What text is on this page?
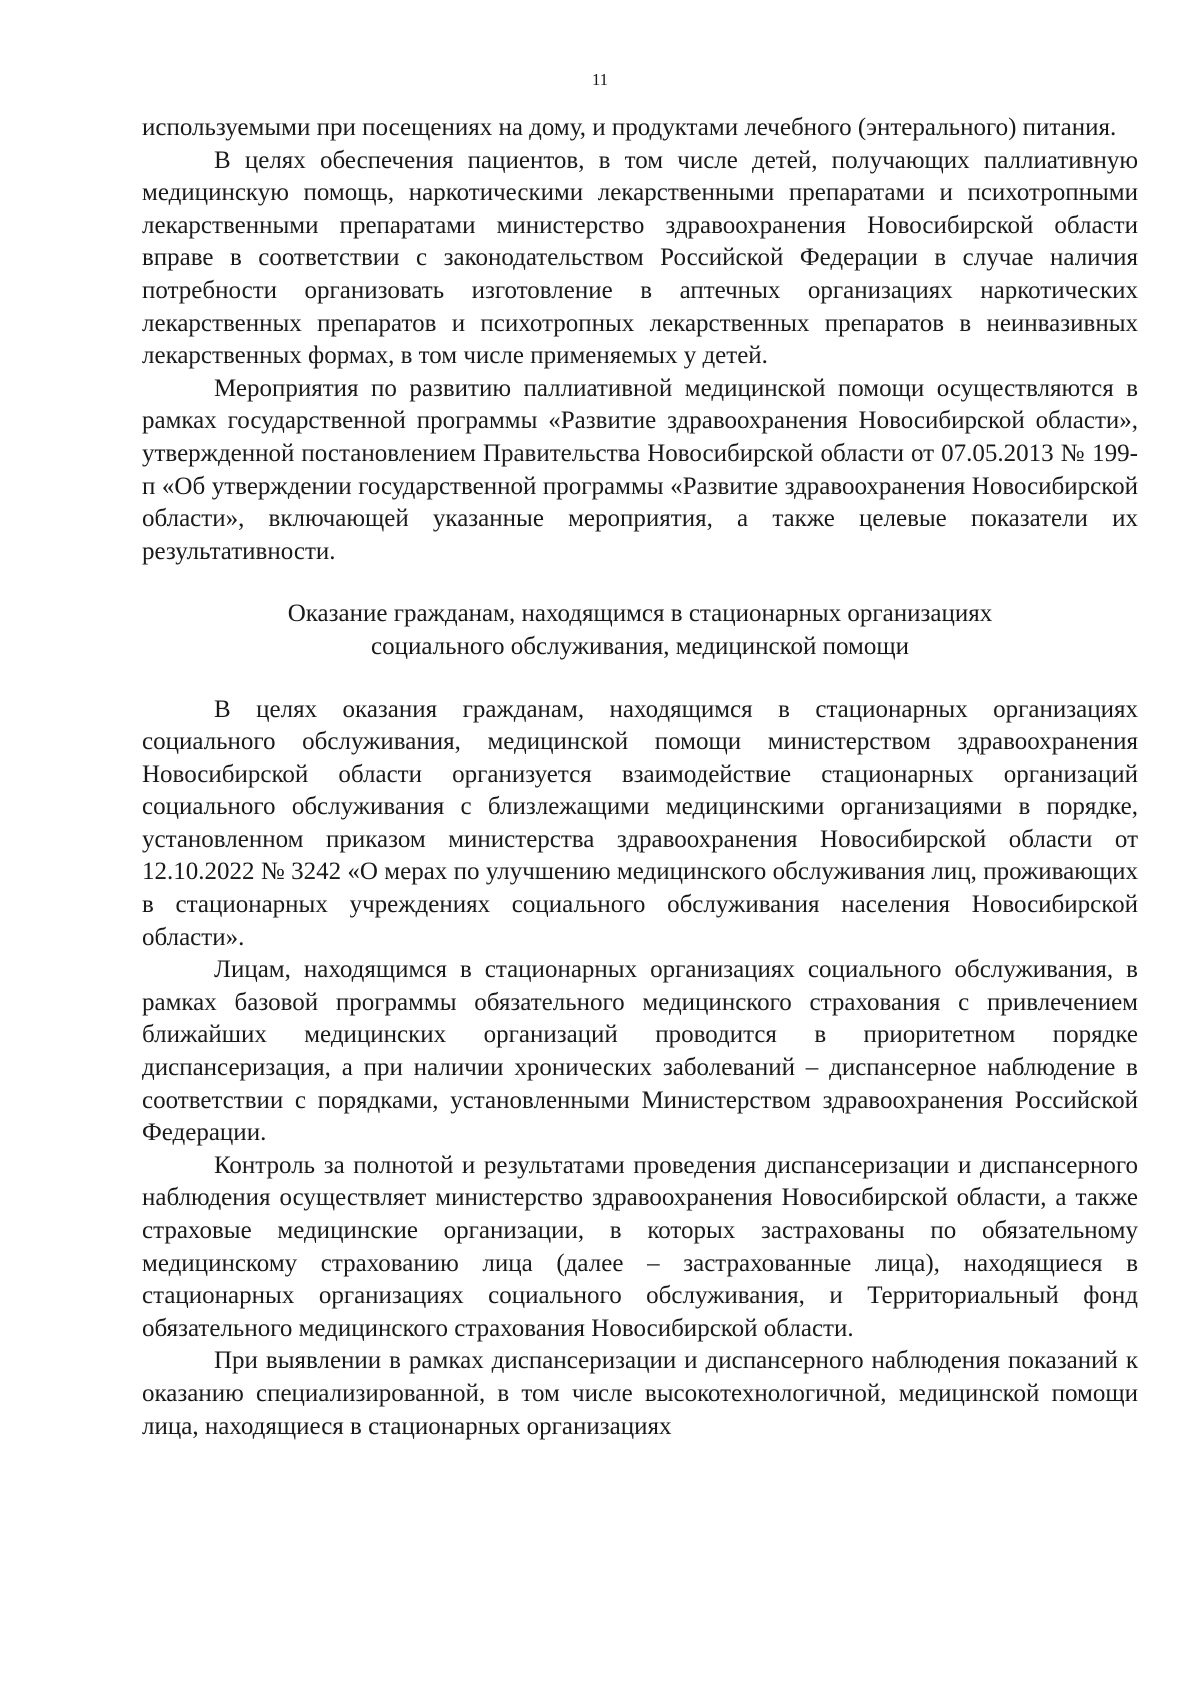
11

используемыми при посещениях на дому, и продуктами лечебного (энтерального) питания.

В целях обеспечения пациентов, в том числе детей, получающих паллиативную медицинскую помощь, наркотическими лекарственными препаратами и психотропными лекарственными препаратами министерство здравоохранения Новосибирской области вправе в соответствии с законодательством Российской Федерации в случае наличия потребности организовать изготовление в аптечных организациях наркотических лекарственных препаратов и психотропных лекарственных препаратов в неинвазивных лекарственных формах, в том числе применяемых у детей.

Мероприятия по развитию паллиативной медицинской помощи осуществляются в рамках государственной программы «Развитие здравоохранения Новосибирской области», утвержденной постановлением Правительства Новосибирской области от 07.05.2013 № 199-п «Об утверждении государственной программы «Развитие здравоохранения Новосибирской области», включающей указанные мероприятия, а также целевые показатели их результативности.

Оказание гражданам, находящимся в стационарных организациях
социального обслуживания, медицинской помощи

В целях оказания гражданам, находящимся в стационарных организациях социального обслуживания, медицинской помощи министерством здравоохранения Новосибирской области организуется взаимодействие стационарных организаций социального обслуживания с близлежащими медицинскими организациями в порядке, установленном приказом министерства здравоохранения Новосибирской области от 12.10.2022 № 3242 «О мерах по улучшению медицинского обслуживания лиц, проживающих в стационарных учреждениях социального обслуживания населения Новосибирской области».

Лицам, находящимся в стационарных организациях социального обслуживания, в рамках базовой программы обязательного медицинского страхования с привлечением ближайших медицинских организаций проводится в приоритетном порядке диспансеризация, а при наличии хронических заболеваний – диспансерное наблюдение в соответствии с порядками, установленными Министерством здравоохранения Российской Федерации.

Контроль за полнотой и результатами проведения диспансеризации и диспансерного наблюдения осуществляет министерство здравоохранения Новосибирской области, а также страховые медицинские организации, в которых застрахованы по обязательному медицинскому страхованию лица (далее – застрахованные лица), находящиеся в стационарных организациях социального обслуживания, и Территориальный фонд обязательного медицинского страхования Новосибирской области.

При выявлении в рамках диспансеризации и диспансерного наблюдения показаний к оказанию специализированной, в том числе высокотехнологичной, медицинской помощи лица, находящиеся в стационарных организациях
